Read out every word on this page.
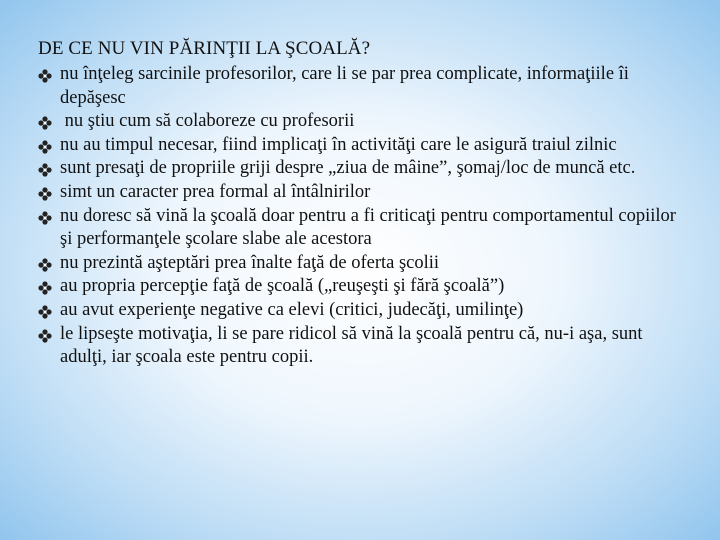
DE CE NU VIN PĂRINŢII LA ŞCOALĂ?
nu înţeleg sarcinile profesorilor, care li se par prea complicate, informaţiile îi depăşesc
nu ştiu cum să colaboreze cu profesorii
nu au timpul necesar, fiind implicaţi în activităţi care le asigură traiul zilnic
sunt presaţi de propriile griji despre „ziua de mâine”, şomaj/loc de muncă etc.
simt un caracter prea formal al întâlnirilor
nu doresc să vină la şcoală doar pentru a fi criticaţi pentru comportamentul copiilor şi performanţele şcolare slabe ale acestora
nu prezintă aşteptări prea înalte faţă de oferta şcolii
au propria percepţie faţă de şcoală („reuşeşti şi fără şcoală”)
au avut experienţe negative ca elevi (critici, judecăţi, umilinţe)
le lipseşte motivaţia, li se pare ridicol să vină la şcoală pentru că, nu-i aşa, sunt adulţi, iar şcoala este pentru copii.
